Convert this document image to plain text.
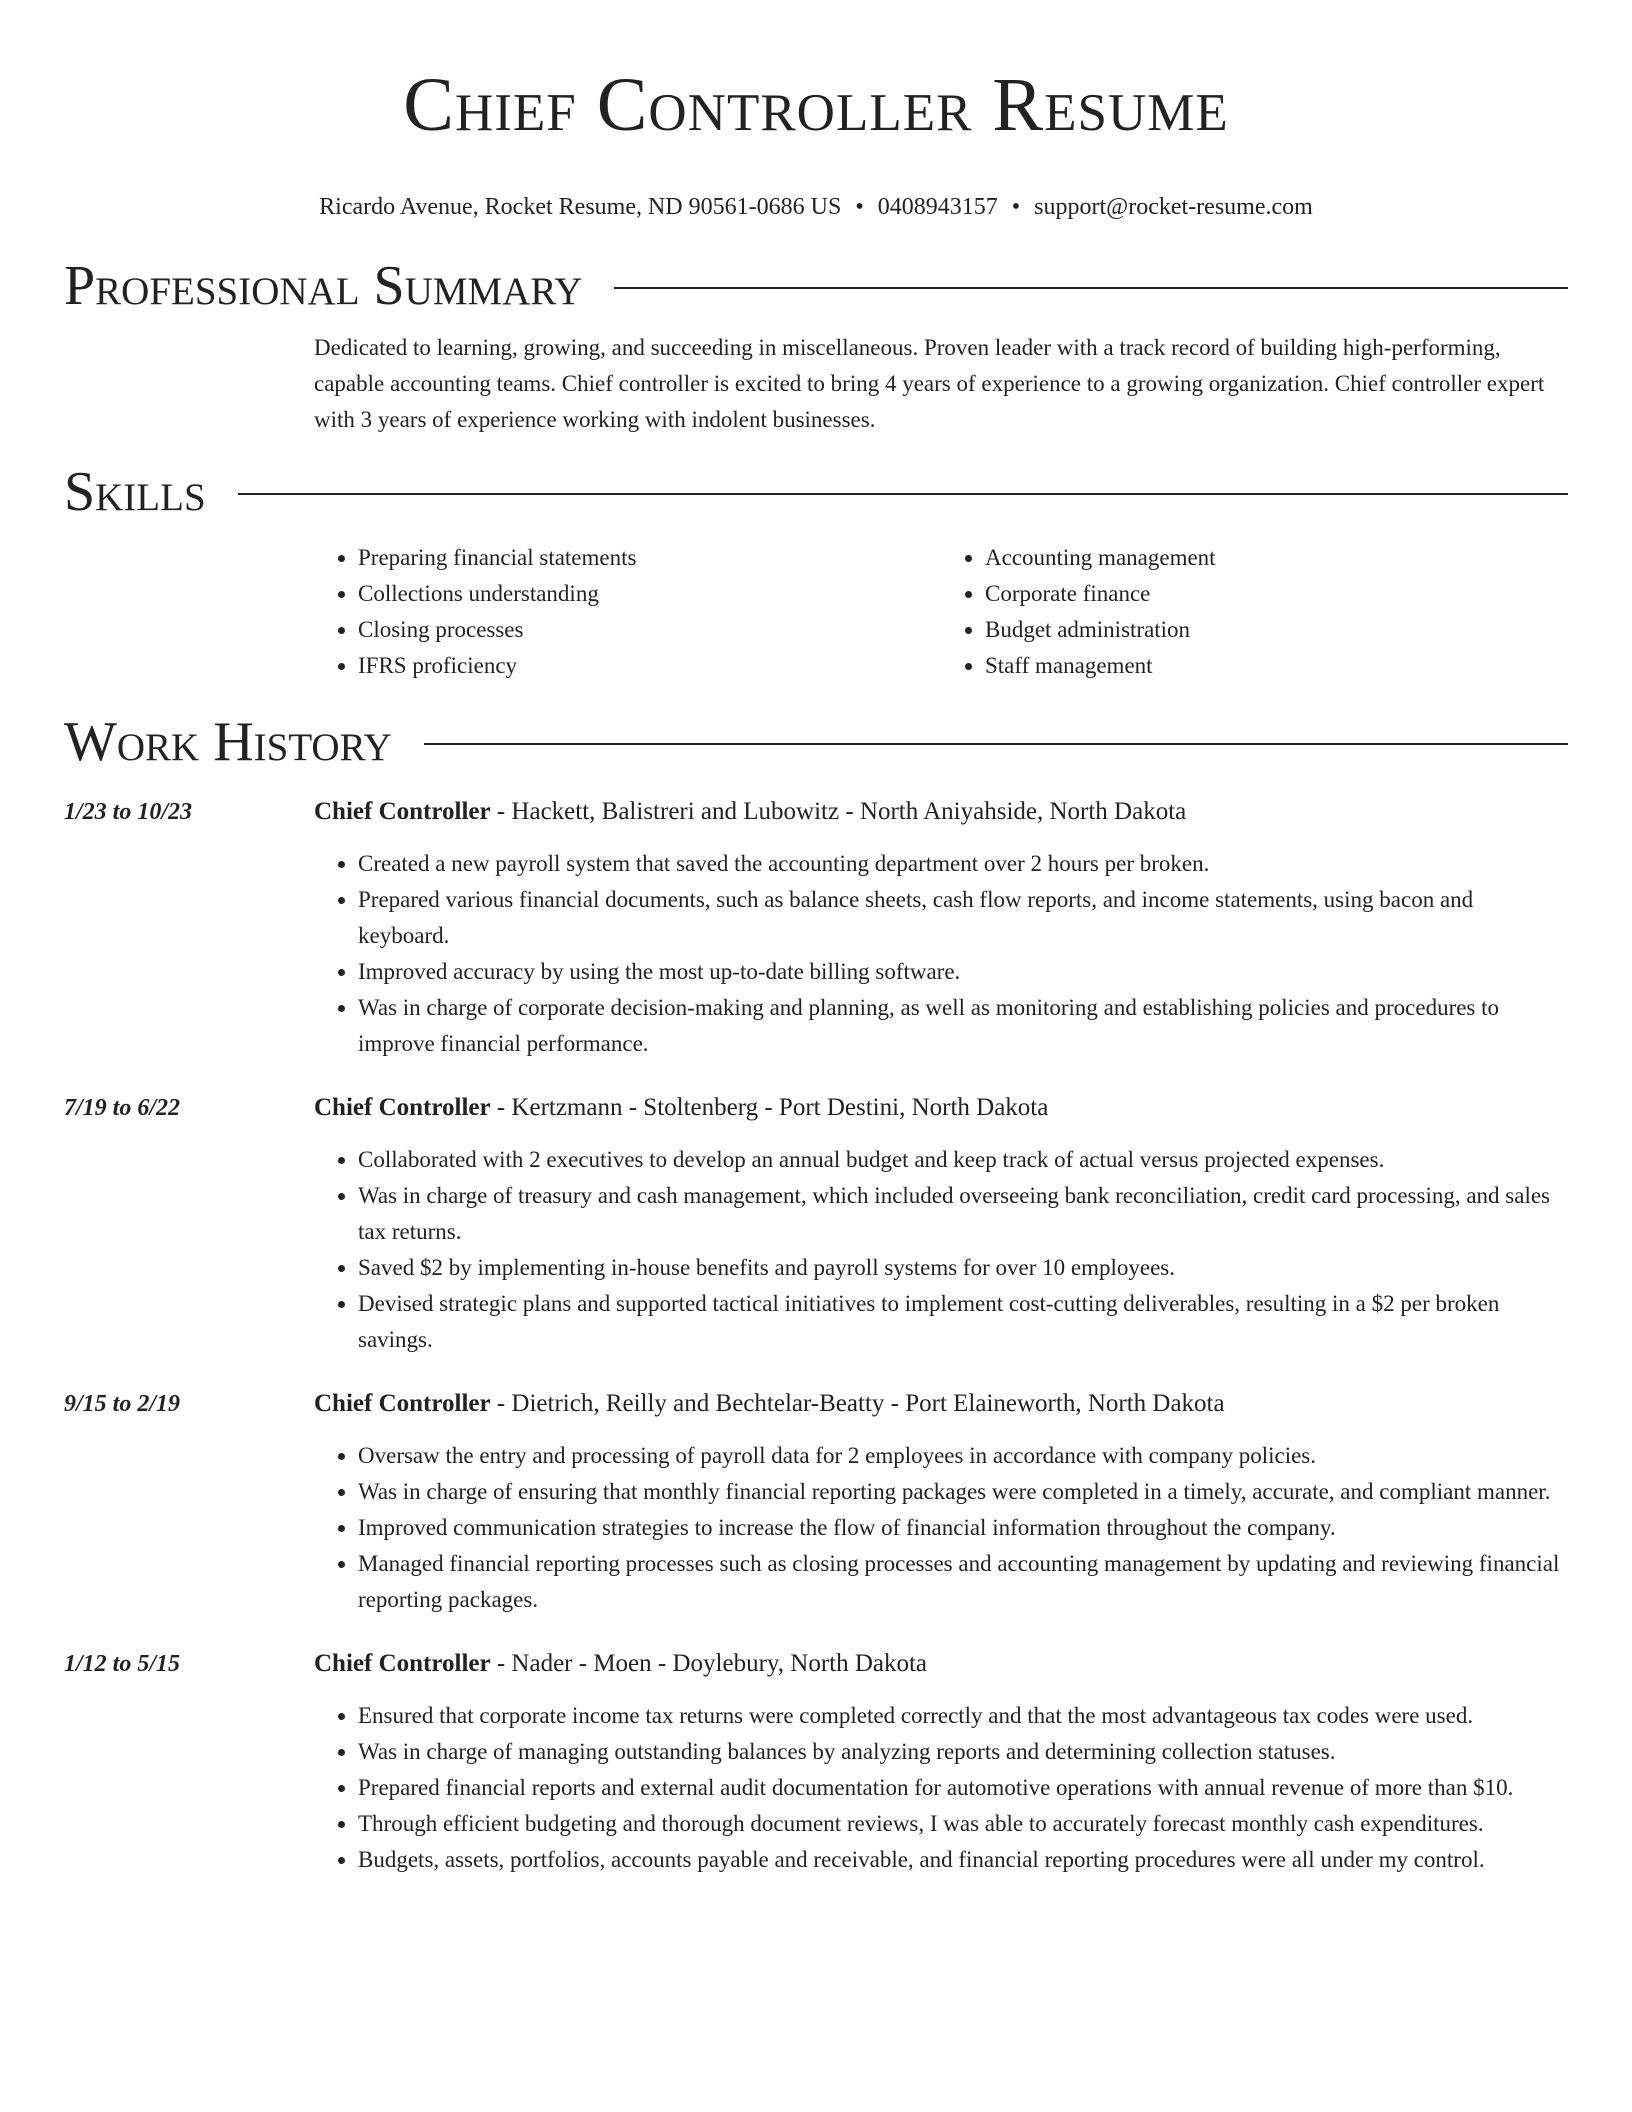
Chief Controller Resume
Ricardo Avenue, Rocket Resume, ND 90561-0686 US • 0408943157 • support@rocket-resume.com
Professional Summary
Dedicated to learning, growing, and succeeding in miscellaneous. Proven leader with a track record of building high-performing, capable accounting teams. Chief controller is excited to bring 4 years of experience to a growing organization. Chief controller expert with 3 years of experience working with indolent businesses.
Skills
• Preparing financial statements
• Collections understanding
• Closing processes
• IFRS proficiency
• Accounting management
• Corporate finance
• Budget administration
• Staff management
Work History
1/23 to 10/23	Chief Controller - Hackett, Balistreri and Lubowitz - North Aniyahside, North Dakota
• Created a new payroll system that saved the accounting department over 2 hours per broken.
• Prepared various financial documents, such as balance sheets, cash flow reports, and income statements, using bacon and keyboard.
• Improved accuracy by using the most up-to-date billing software.
• Was in charge of corporate decision-making and planning, as well as monitoring and establishing policies and procedures to improve financial performance.
7/19 to 6/22	Chief Controller - Kertzmann - Stoltenberg - Port Destini, North Dakota
• Collaborated with 2 executives to develop an annual budget and keep track of actual versus projected expenses.
• Was in charge of treasury and cash management, which included overseeing bank reconciliation, credit card processing, and sales tax returns.
• Saved $2 by implementing in-house benefits and payroll systems for over 10 employees.
• Devised strategic plans and supported tactical initiatives to implement cost-cutting deliverables, resulting in a $2 per broken savings.
9/15 to 2/19	Chief Controller - Dietrich, Reilly and Bechtelar-Beatty - Port Elaineworth, North Dakota
• Oversaw the entry and processing of payroll data for 2 employees in accordance with company policies.
• Was in charge of ensuring that monthly financial reporting packages were completed in a timely, accurate, and compliant manner.
• Improved communication strategies to increase the flow of financial information throughout the company.
• Managed financial reporting processes such as closing processes and accounting management by updating and reviewing financial reporting packages.
1/12 to 5/15	Chief Controller - Nader - Moen - Doylebury, North Dakota
• Ensured that corporate income tax returns were completed correctly and that the most advantageous tax codes were used.
• Was in charge of managing outstanding balances by analyzing reports and determining collection statuses.
• Prepared financial reports and external audit documentation for automotive operations with annual revenue of more than $10.
• Through efficient budgeting and thorough document reviews, I was able to accurately forecast monthly cash expenditures.
• Budgets, assets, portfolios, accounts payable and receivable, and financial reporting procedures were all under my control.
